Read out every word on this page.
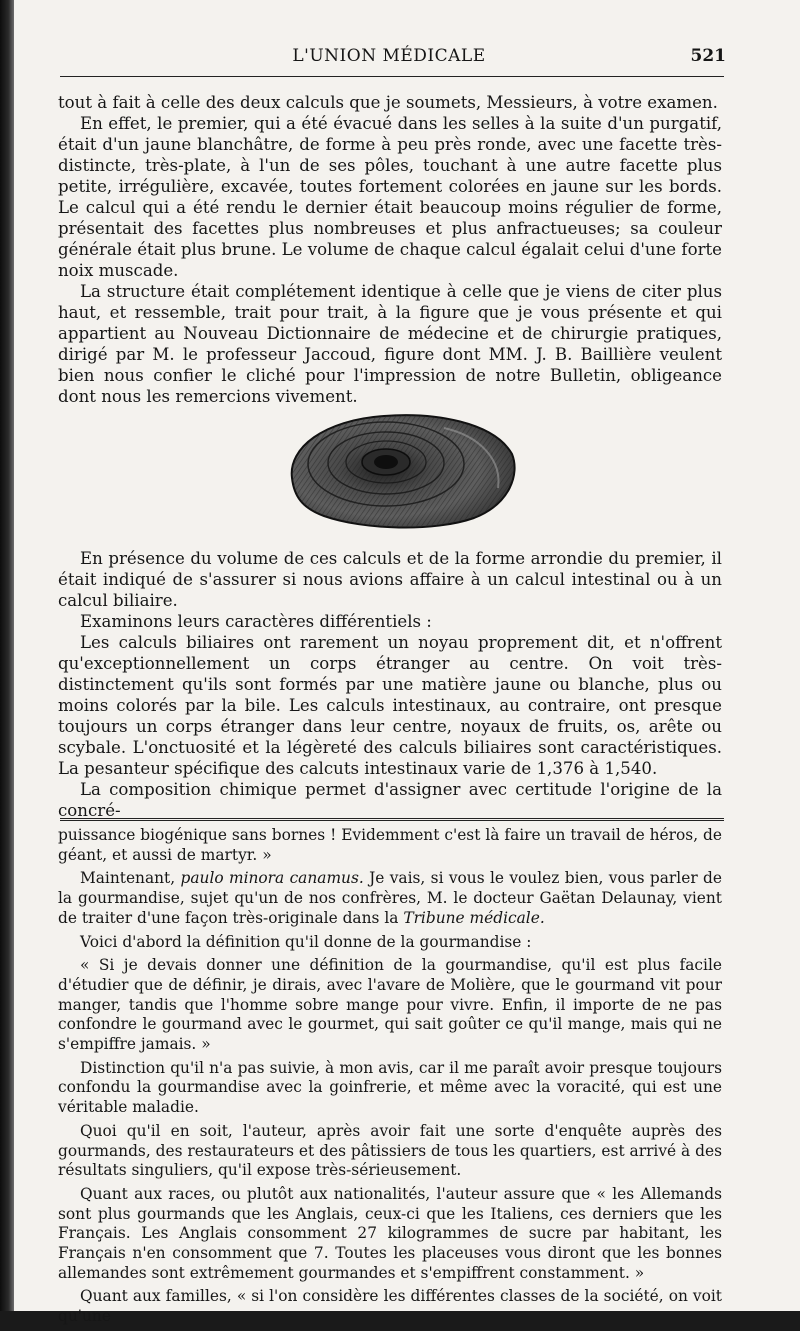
L'UNION MÉDICALE	521

tout à fait à celle des deux calculs que je soumets, Messieurs, à votre examen.

En effet, le premier, qui a été évacué dans les selles à la suite d'un purgatif, était d'un jaune blanchâtre, de forme à peu près ronde, avec une facette très-distincte, très-plate, à l'un de ses pôles, touchant à une autre facette plus petite, irrégulière, excavée, toutes fortement colorées en jaune sur les bords. Le calcul qui a été rendu le dernier était beaucoup moins régulier de forme, présentait des facettes plus nombreuses et plus anfractueuses; sa couleur générale était plus brune. Le volume de chaque calcul égalait celui d'une forte noix muscade.

La structure était complétement identique à celle que je viens de citer plus haut, et ressemble, trait pour trait, à la figure que je vous présente et qui appartient au Nouveau Dictionnaire de médecine et de chirurgie pratiques, dirigé par M. le professeur Jaccoud, figure dont MM. J. B. Baillière veulent bien nous confier le cliché pour l'impression de notre Bulletin, obligeance dont nous les remercions vivement.

En présence du volume de ces calculs et de la forme arrondie du premier, il était indiqué de s'assurer si nous avions affaire à un calcul intestinal ou à un calcul biliaire.

Examinons leurs caractères différentiels :

Les calculs biliaires ont rarement un noyau proprement dit, et n'offrent qu'exceptionnellement un corps étranger au centre. On voit très-distinctement qu'ils sont formés par une matière jaune ou blanche, plus ou moins colorés par la bile. Les calculs intestinaux, au contraire, ont presque toujours un corps étranger dans leur centre, noyaux de fruits, os, arête ou scybale. L'onctuosité et la légèreté des calculs biliaires sont caractéristiques. La pesanteur spécifique des calcuts intestinaux varie de 1,376 à 1,540.

La composition chimique permet d'assigner avec certitude l'origine de la concré-

puissance biogénique sans bornes ! Evidemment c'est là faire un travail de héros, de géant, et aussi de martyr. »

Maintenant, paulo minora canamus. Je vais, si vous le voulez bien, vous parler de la gourmandise, sujet qu'un de nos confrères, M. le docteur Gaëtan Delaunay, vient de traiter d'une façon très-originale dans la Tribune médicale.

Voici d'abord la définition qu'il donne de la gourmandise :

« Si je devais donner une définition de la gourmandise, qu'il est plus facile d'étudier que de définir, je dirais, avec l'avare de Molière, que le gourmand vit pour manger, tandis que l'homme sobre mange pour vivre. Enfin, il importe de ne pas confondre le gourmand avec le gourmet, qui sait goûter ce qu'il mange, mais qui ne s'empiffre jamais. »

Distinction qu'il n'a pas suivie, à mon avis, car il me paraît avoir presque toujours confondu la gourmandise avec la goinfrerie, et même avec la voracité, qui est une véritable maladie.

Quoi qu'il en soit, l'auteur, après avoir fait une sorte d'enquête auprès des gourmands, des restaurateurs et des pâtissiers de tous les quartiers, est arrivé à des résultats singuliers, qu'il expose très-sérieusement.

Quant aux races, ou plutôt aux nationalités, l'auteur assure que « les Allemands sont plus gourmands que les Anglais, ceux-ci que les Italiens, ces derniers que les Français. Les Anglais consomment 27 kilogrammes de sucre par habitant, les Français n'en consomment que 7. Toutes les placeuses vous diront que les bonnes allemandes sont extrêmement gourmandes et s'empiffrent constamment. »

Quant aux familles, « si l'on considère les différentes classes de la société, on voit qu'une
